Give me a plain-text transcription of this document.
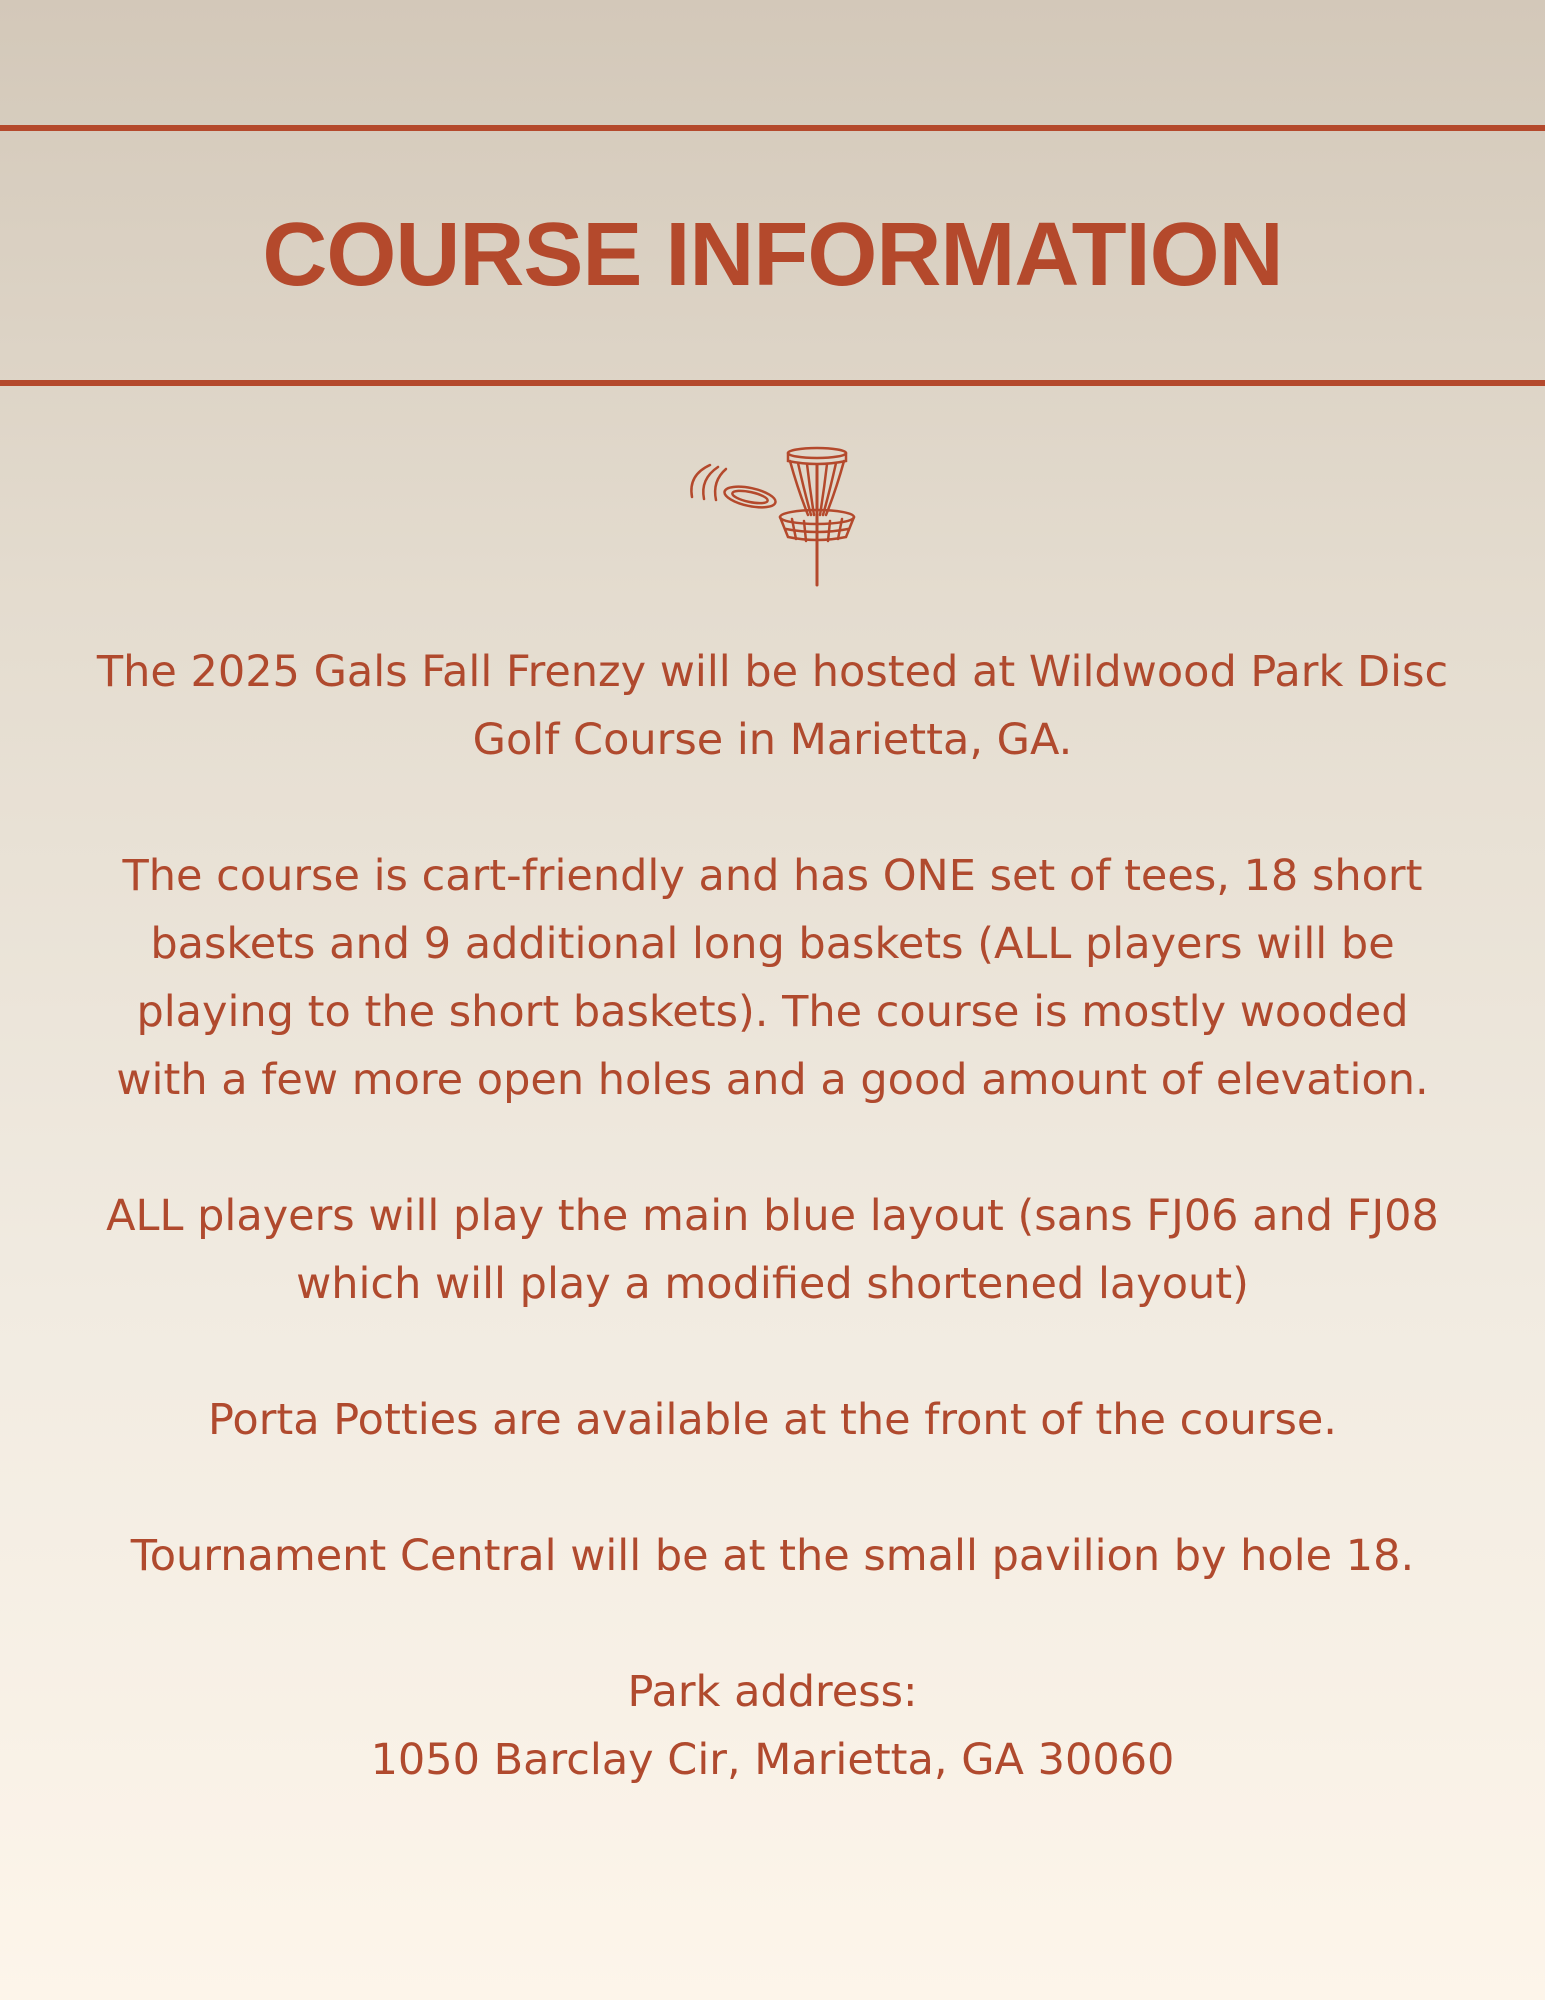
COURSE INFORMATION

The 2025 Gals Fall Frenzy will be hosted at Wildwood Park Disc Golf Course in Marietta, GA.

The course is cart-friendly and has ONE set of tees, 18 short baskets and 9 additional long baskets (ALL players will be playing to the short baskets). The course is mostly wooded with a few more open holes and a good amount of elevation.

ALL players will play the main blue layout (sans FJ06 and FJ08 which will play a modified shortened layout)

Porta Potties are available at the front of the course.

Tournament Central will be at the small pavilion by hole 18.

Park address:
1050 Barclay Cir, Marietta, GA 30060
